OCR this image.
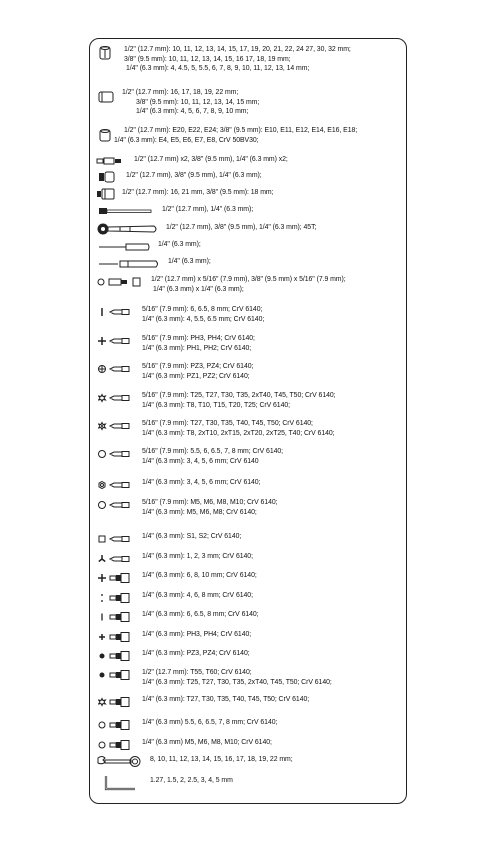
1/2" (12.7 mm): 10, 11, 12, 13, 14, 15, 17, 19, 20, 21, 22, 24 27, 30, 32 mm;
3/8" (9.5 mm): 10, 11, 12, 13, 14, 15, 16 17, 18, 19 mm;
1/4" (6.3 mm): 4, 4.5, 5, 5.5, 6, 7, 8, 9, 10, 11, 12, 13, 14 mm;
1/2" (12.7 mm): 16, 17, 18, 19, 22 mm;
3/8" (9.5 mm): 10, 11, 12, 13, 14, 15 mm;
1/4" (6.3 mm): 4, 5, 6, 7, 8, 9, 10 mm;
1/2" (12.7 mm): E20, E22, E24; 3/8" (9.5 mm): E10, E11, E12, E14, E16, E18;
1/4" (6.3 mm): E4, E5, E6, E7, E8, CrV 50BV30;
1/2" (12.7 mm) x2, 3/8" (9.5 mm), 1/4" (6.3 mm) x2;
1/2" (12.7 mm), 3/8" (9.5 mm), 1/4" (6.3 mm);
1/2" (12.7 mm): 16, 21 mm, 3/8" (9.5 mm): 18 mm;
1/2" (12.7 mm), 1/4" (6.3 mm);
1/2" (12.7 mm), 3/8" (9.5 mm), 1/4" (6.3 mm); 45T;
1/4" (6.3 mm);
1/4" (6.3 mm);
1/2" (12.7 mm) x 5/16" (7.9 mm), 3/8" (9.5 mm) x 5/16" (7.9 mm);
1/4" (6.3 mm) x 1/4" (6.3 mm);
5/16" (7.9 mm): 6, 6.5, 8 mm; CrV 6140;
1/4" (6.3 mm): 4, 5.5, 6.5 mm; CrV 6140;
5/16" (7.9 mm): PH3, PH4; CrV 6140;
1/4" (6.3 mm): PH1, PH2; CrV 6140;
5/16" (7.9 mm): PZ3, PZ4; CrV 6140;
1/4" (6.3 mm): PZ1, PZ2; CrV 6140;
5/16" (7.9 mm): T25, T27, T30, T35, 2xT40, T45, T50; CrV 6140;
1/4" (6.3 mm): T8, T10, T15, T20, T25; CrV 6140;
5/16" (7.9 mm): T27, T30, T35, T40, T45, T50; CrV 6140;
1/4" (6.3 mm): T8, 2xT10, 2xT15, 2xT20, 2xT25, T40; CrV 6140;
5/16" (7.9 mm): 5.5, 6, 6.5, 7, 8 mm; CrV 6140;
1/4" (6.3 mm): 3, 4, 5, 6 mm; CrV 6140
1/4" (6.3 mm): 3, 4, 5, 6 mm; CrV 6140;
5/16" (7.9 mm): M5, M6, M8, M10; CrV 6140;
1/4" (6.3 mm): M5, M6, M8; CrV 6140;
1/4" (6.3 mm): S1, S2; CrV 6140;
1/4" (6.3 mm): 1, 2, 3 mm; CrV 6140;
1/4" (6.3 mm): 6, 8, 10 mm; CrV 6140;
1/4" (6.3 mm): 4, 6, 8 mm; CrV 6140;
1/4" (6.3 mm): 6, 6.5, 8 mm; CrV 6140;
1/4" (6.3 mm): PH3, PH4; CrV 6140;
1/4" (6.3 mm): PZ3, PZ4; CrV 6140;
1/2" (12.7 mm): T55, T60; CrV 6140;
1/4" (6.3 mm): T25, T27, T30, T35, 2xT40, T45, T50; CrV 6140;
1/4" (6.3 mm): T27, T30, T35, T40, T45, T50; CrV 6140;
1/4" (6.3 mm) 5.5, 6, 6.5, 7, 8 mm; CrV 6140;
1/4" (6.3 mm) M5, M6, M8, M10; CrV 6140;
8, 10, 11, 12, 13, 14, 15, 16, 17, 18, 19, 22 mm;
1.27, 1.5, 2, 2.5, 3, 4, 5 mm
